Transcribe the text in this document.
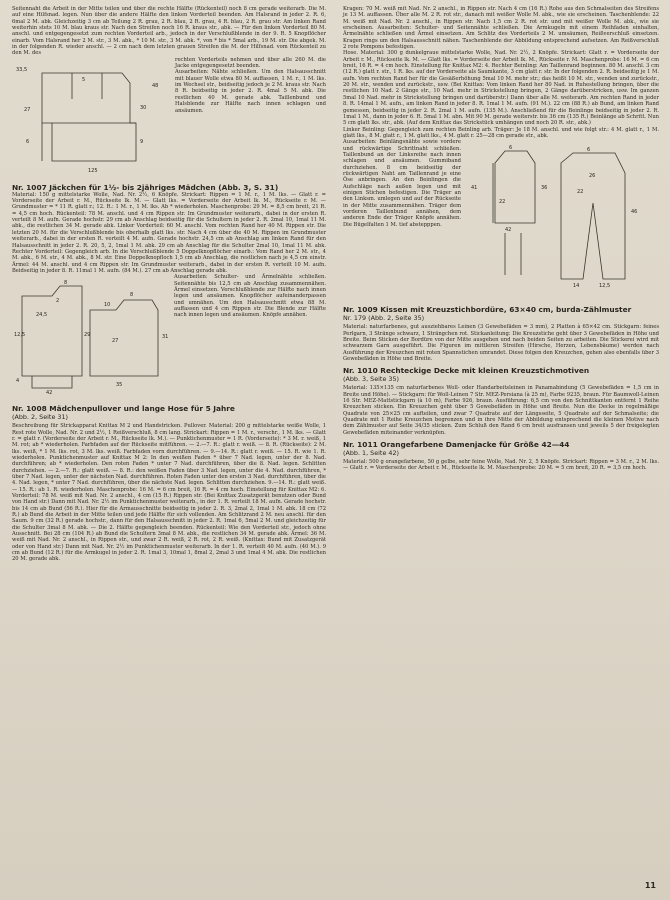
Seitennaht die Arbeit in der Mitte teilen und über die rechte Hälfte (Rückenteil) noch 8 cm gerade weiterarb. Die M. auf eine Hilfsnad. legen. Nun über die andere Hälfte den linken Vorderteil beenden. Am Halsrand in jeder 2. R. 6, 6mal 2 M. abk. Gleichzeitig 3 cm ab Teilung 2 R. grau, 2 R. blau, 2 R. grau, 4 R. blau, 2 R. grau str. Am linken Rand weiterhin stets 10 M. blau kraus str. Nach den Streifen noch 16 R. kraus str., abk. — Für den linken Vorderteil 80 M. anschl. und entgegengesetzt zum rechten Vorderteil arb., jedoch in der Verschlußblende in der 9. R. 5 Knopflöcher einarb. Vom Halsrand her 2 M. str., 3 M. abk., * 10 M. str., 3 M. abk. *, von * bis * 5mal arb., 19 M. str. Die abgek. M. in der folgenden R. wieder anschl. — 2 cm nach dem letzten grauen Streifen die M. der Hilfsnad. vom Rückenteil zu den M. des

33,5
5
27	30
125
6	9
48

rechten Vorderteils nehmen und über alle 260 M. die Jacke entgegengesetzt beenden.

Ausarbeiten: Nähte schließen. Um den Halsausschnitt mit blauer Wolle etwa 80 M. auffassen, 1 M. r., 1 M. lks. im Wechsel str., beidseitig jedoch je 2 M. kraus str. Nach 8 R. beidseitig in jeder 2. R. 4mal 5 M. abk. Die restlichen 40 M. gerade abk. Taillenbund und Halsblende zur Hälfte nach innen schlagen und ansäumen.

Nr. 1007 Jäckchen für 1½- bis 2jähriges Mädchen (Abb. 3, S. 31)

Material: 150 g mittelstarke Wolle, Nad. Nr. 2½, 6 Knöpfe. Strickart: Rippen = 1 M. r., 1 M. lks. — Glatt r. = Vorderseite der Arbeit r. M., Rückseite lk. M. — Glatt lks. = Vorderseite der Arbeit lk. M., Rückseite r. M. — Grundmuster = * 11 R. glatt r.; 12. R.: 1 M. r., 1 M. lks. Ab * wiederholen. Maschenprobe: 29 M. = 8,5 cm breit, 21 R. = 4,5 cm hoch. Rückenteil: 78 M. anschl. und 4 cm Rippen str. Im Grundmuster weiterarb., dabei in der ersten R. verteilt 8 M. aufn. Gerade hochstr. 29 cm ab Anschlag beidseitig für die Schultern in jeder 2. R. 2mal 10, 1mal 11 M. abk., die restlichen 34 M. gerade abk. Linker Vorderteil: 60 M. anschl. Vom rechten Rand her 40 M. Rippen str. Die letzten 20 M. für die Verschlußblende bis oberhalb glatt lks. str. Nach 4 cm über die 40 M. Rippen im Grundmuster weiterarb., dabei in der ersten R. verteilt 4 M. aufn. Gerade hochstr. 24,5 cm ab Anschlag am linken Rand für den Halsausschnitt in jeder 2. R. 20, 5, 2, 1mal 1 M. abk. 29 cm ab Anschlag für die Schulter 2mal 10, 1mal 11 M. abk. Rechter Vorderteil: Gegengleich arb. In die Verschlußblende 5 Doppelknopflöcher einarb.: Vom Rand her 2 M. str., 4 M. abk., 6 M. str., 4 M. abk., 8 M. str. Eine Doppelknopfloch 1,5 cm ab Anschlag, die restlichen nach je 4,5 cm einstr. Ärmel: 44 M. anschl. und 4 cm Rippen str. Im Grundmuster weiterarb., dabei in der ersten R. verteilt 10 M. aufn. Beidseitig in jeder 8. R. 11mal 1 M. aufn. (84 M.). 27 cm ab Anschlag gerade abk.

12,5	29	31
8
24,5
2
8
10
27
42
4
35

Ausarbeiten: Schulter- und Ärmelnähte schließen. Seitennähte bis 12,5 cm ab Anschlag zusammennähen. Ärmel einsetzen. Verschlußblende zur Hälfte nach innen legen und ansäumen. Knopflöcher aufeinanderpassen und umnähen. Um den Halsausschnitt etwa 88 M. auffassen und 4 cm Rippen str. Die Blende zur Hälfte nach innen legen und ansäumen. Knöpfe annähen.

Nr. 1008 Mädchenpullover und lange Hose für 5 Jahre
(Abb. 2, Seite 31)

Beschreibung für Strickapparat Knittax M 2 und Handstricken. Pullover. Material: 200 g mittelstarke weiße Wolle, 1 Rest rote Wolle, Nad. Nr. 2 und 2½, 1 Reißverschluß, 8 cm lang. Strickart: Rippen = 1 M. r., verschr., 1 M. lks. — Glatt r. = glatt r. (Vorderseite der Arbeit r. M., Rückseite lk. M.). — Punktichenmuster = 1 R. (Vorderseite): * 3 M. r. weiß, 1 M. rot; ab * wiederholen. Farbfaden auf der Rückseite mitführen. — 2.—7. R.: glatt r. weiß. — 8. R. (Rückseite): 2 M. lks. weiß, * 1 M. lks. rot, 3 M. lks. weiß. Farbfaden vorn durchführen. — 9.—14. R.: glatt r. weiß. — 15. R. wie 1. R. wiederholen. Punktichenmuster auf Knittax M 2: In den weißen Faden * über 7 Nad. legen, unter der 8. Nad. durchführen; ab * wiederholen. Den roten Faden * unter 7 Nad. durchführen, über die 8. Nad. legen. Schlitten durchziehen. — 2.—7. R.: glatt weiß. — 8. R.: den weißen Faden über 3 Nad. legen, unter die 4. Nad. durchführen, * über 7 Nad. legen, unter der nächsten Nad. durchführen. Roten Faden unter den ersten 3 Nad. durchführen, über die 4. Nad. legen, * unter 7 Nad. durchführen, über die nächste Nad. legen. Schlitten durchziehen. 9.—14. R.: glatt weiß. — 15. R.: ab 1. R. wiederholen. Maschenprobe: 16 M. = 6 cm breit, 16 R. = 4 cm hoch. Einstellung für Knittax M2: 6. Vorderteil: 78 M. weiß mit Nad. Nr. 2 anschl., 4 cm (15 R.) Rippen str. (Bei Knittax Zusatzgerät benutzen oder Bund von Hand str.) Dann mit Nad. Nr. 2½ im Punktichenmuster weiterarb., in der 1. R. verteilt 18 M. aufn. Gerade hochstr. bis 14 cm ab Bund (56 R.). Hier für die Armausschnitte beidseitig in jeder 2. R. 3, 2mal 2, 1mal 1 M. abk. 18 cm (72 R.) ab Bund die Arbeit in der Mitte teilen und jede Hälfte für sich vollenden. Am Schlitzrand 2 M. neu anschl. für den Saum. 9 cm (32 R.) gerade hochstr., dann für den Halsausschnitt in jeder 2. R. 1mal 6, 5mal 2 M. und gleichzeitig für die Schulter 3mal 8 M. abk. — Die 2. Hälfte gegengleich beenden. Rückenteil: Wie den Vorderteil str., jedoch ohne Ausschnitt. Bei 28 cm (104 R.) ab Bund die Schultern 3mal 8 M. abk., die restlichen 34 M. gerade abk. Ärmel: 36 M. weiß mit Nad. Nr. 2 anschl., in Rippen str., und zwar 2 R. weiß, 2 R. rot, 2 R. weiß. (Knittax: Bund mit Zusatzgerät oder von Hand str.) Dann mit Nad. Nr. 2½ im Punktichenmuster weiterarb. In der 1. R. verteilt 40 M. aufn. (40 M.). 9 cm ab Bund (12 R.) für die Armkugel in jeder 2. R. 1mal 3, 10mal 1, 8mal 2, 2mal 3 und 1mal 4 M. abk. Die restlichen 20 M. gerade abk.

Kragen: 70 M. weiß mit Nad. Nr. 2 anschl., in Rippen str. Nach 4 cm (16 R.) Rohe aus den Schmalseiten des Streifens je 13 M. auffassen. Über alle M. 2 R. rot str., danach mit weißer Wolle M. abk., wie sie erscheinen. Taschenblende: 22 M. weiß mit Nad. Nr. 2 anschl., in Rippen str. Nach 1,5 cm 2 R. rot str. und mit weißer Wolle M. abk., wie sie erscheinen. Ausarbeiten: Schulter- und Seitennähte schließen. Die Armkugeln mit einem Reihfaden einhalten, Ärmelnähte schließen und Ärmel einsetzen. Am Schlitz des Vorderteils 2 M. umsäumen, Reißverschluß einsetzen. Kragen rings um den Halsausschnitt nähen. Taschenblende der Abbildung entsprechend aufsetzen. Am Reißverschluß 2 rote Pompons befestigen.

Hose. Material: 300 g dunkelgraue mittelstarke Wolle, Nad. Nr. 2½, 2 Knöpfe. Strickart: Glatt r. = Vorderseite der Arbeit r. M., Rückseite lk. M. — Glatt lks. = Vorderseite der Arbeit lk. M., Rückseite r. M. Maschenprobe: 16 M. = 6 cm breit, 16 R. = 4 cm hoch. Einstellung für Knittax M2: 4. Rechter Beinling: Am Taillenrand beginnen. 80 M. anschl. 3 cm (12 R.) glatt r. str., 1 R. lks. auf der Vorderseite als Saumkante, 3 cm glatt r. str. In der folgenden 2. R. beidseitig je 1 M. aufn. Vom rechten Rand her für die Gesäßerhöhung 5mal 10 M. mehr str.; das heißt 10 M. str., wenden und zurückstr., 20 M. str., wenden und zurückstr., usw. (Bei Knittax: Vom linken Rand her 80 Nad. in Ruhestellung bringen, über die restlichen 10 Nad. 2 Gänge str., 10 Nad. mehr in Strickstellung bringen, 2 Gänge darüberstricken, usw. Im ganzen 5mal 10 Nad. mehr in Strickstellung bringen und darüberstr.) Dann über alle M. weiterarb. Am rechten Rand in jeder 8. R. 14mal 1 M. aufn., am linken Rand in jeder 8. R. 1mal 1 M. aufn. (91 M.). 22 cm (88 R.) ab Bund, am linken Rand gemessen, beidseitig in jeder 2. R. 2mal 1 M. aufn. (135 M.). Anschließend für die Beinlinge beidseitig in jeder 2. R. 1mal 1 M., dann in jeder 6. R. 5mal 1 M. abn. Mit 90 M. gerade weiterstr. bis 36 cm (135 R.) Beinlänge ab Schritt. Nun 5 cm glatt lks. str., abk. (Auf dem Knittax das Strickstück umhängen und noch 20 R. str., abk.)

Linker Beinling: Gegengleich zum rechten Beinling arb. Träger: Je 18 M. anschl. und wie folgt str.: 4 M. glatt r., 1 M. glatt lks., 8 M. glatt r., 1 M. glatt lks., 4 M. glatt r. 25—28 cm gerade str., abk.

Ausarbeiten: Beinlängsnähte sowie vordere und rückwärtige Schrittnaht schließen. Taillenbund an der Linksreihe nach innen schlagen und ansäumen. Gummiband durchziehen. 8 cm beidseitig der rückwärtigen Naht am Taillenrand je eine Öse anbringen. An den Beinlingen die Aufschläge nach außen legen und mit einigen Stichen befestigen. Die Träger an den Linksm. umlegen und auf der Rückseite in der Mitte zusammennähen. Träger dem vorderen Taillenbund annähen, dem anderen Ende der Träger Knöpfe annähen. Die Bügelfalten 1 M. tief abstepppen.

41	36
22
6
42
6
22
46
14	12,5
26
Nr. 1009 Kissen mit Kreuzstichbordüre, 63×40 cm, burda-Zählmuster
Nr. 179 (Abb. 2, Seite 35)

Material: naturfarbenes, gut ausziehbares Leinen (3 Gewebefäden = 3 mm), 2 Platten à 65×42 cm. Stickgarn: feines Perlgarn, 3 Stränge schwarz, 1 Strängchen rot. Stickanleitung: Die Kreuzstiche geht über 3 Gewebefäden in Höhe und Breite. Beim Sticken der Bordüre von der Mitte ausgehen und nach beiden Seiten zu arbeiten. Die Stickerei wird mit schwarzem Garn ausgeführt. Die Figuren im mittleren Streifen (Hirsche, Herzen, Lebensbäume) werden nach Ausführung der Kreuzchen mit roten Spannstichen umrandet. Diese folgen den Kreuzchen, gehen also ebenfalls über 3 Gewebefäden in Höhe und Breite.

Nr. 1010 Rechteckige Decke mit kleinen Kreuzstichmotiven
(Abb. 3, Seite 35)

Material: 135×135 cm naturfarbenes Woll- oder Handarbeitsleinen in Panamabindung (5 Gewebefäden = 1,5 cm in Breite und Höhe). — Stickgarn: für Woll-Leinen 7 Str. MEZ-Persiana (à 25 m), Farbe 9235, braun. Für Baumwoll-Leinen 16 Str. MEZ-Mattstickgarn (à 10 m), Farbe 926, braun. Ausführung: 6,5 cm von den Schnittkanten entfernt 1 Reihe Kreuzchen sticken. Ein Kreuzchen geht über 5 Gewebefäden in Höhe und Breite. Nun die Decke in regelmäßige Quadrate von 25×25 cm aufteilen, und zwar 7 Quadrate auf der Längsseite, 5 Quadrate auf der Schmalseite; die Quadrate mit 1 Reihe Kreuzchen begrenzen und in ihre Mitte der Abbildung entsprechend die kleinen Motive nach dem Zählmuster auf Seite 34/35 sticken. Zum Schluß den Rand 6 cm breit ausfransen und jeweils 5 der freigelegten Gewebefäden miteinander verknüpfen.

Nr. 1011 Orangefarbene Damenjacke für Größe 42—44
(Abb. 1, Seite 42)

Material: 500 g orangefarbene, 50 g gelbe, sehr feine Wolle, Nad. Nr. 2, 5 Knöpfe. Strickart: Rippen = 3 M. r., 2 M. lks. — Glatt r. = Vorderseite der Arbeit r. M., Rückseite lk. M. Maschenprobe: 20 M. = 5 cm breit, 20 R. = 3,5 cm hoch.

11
